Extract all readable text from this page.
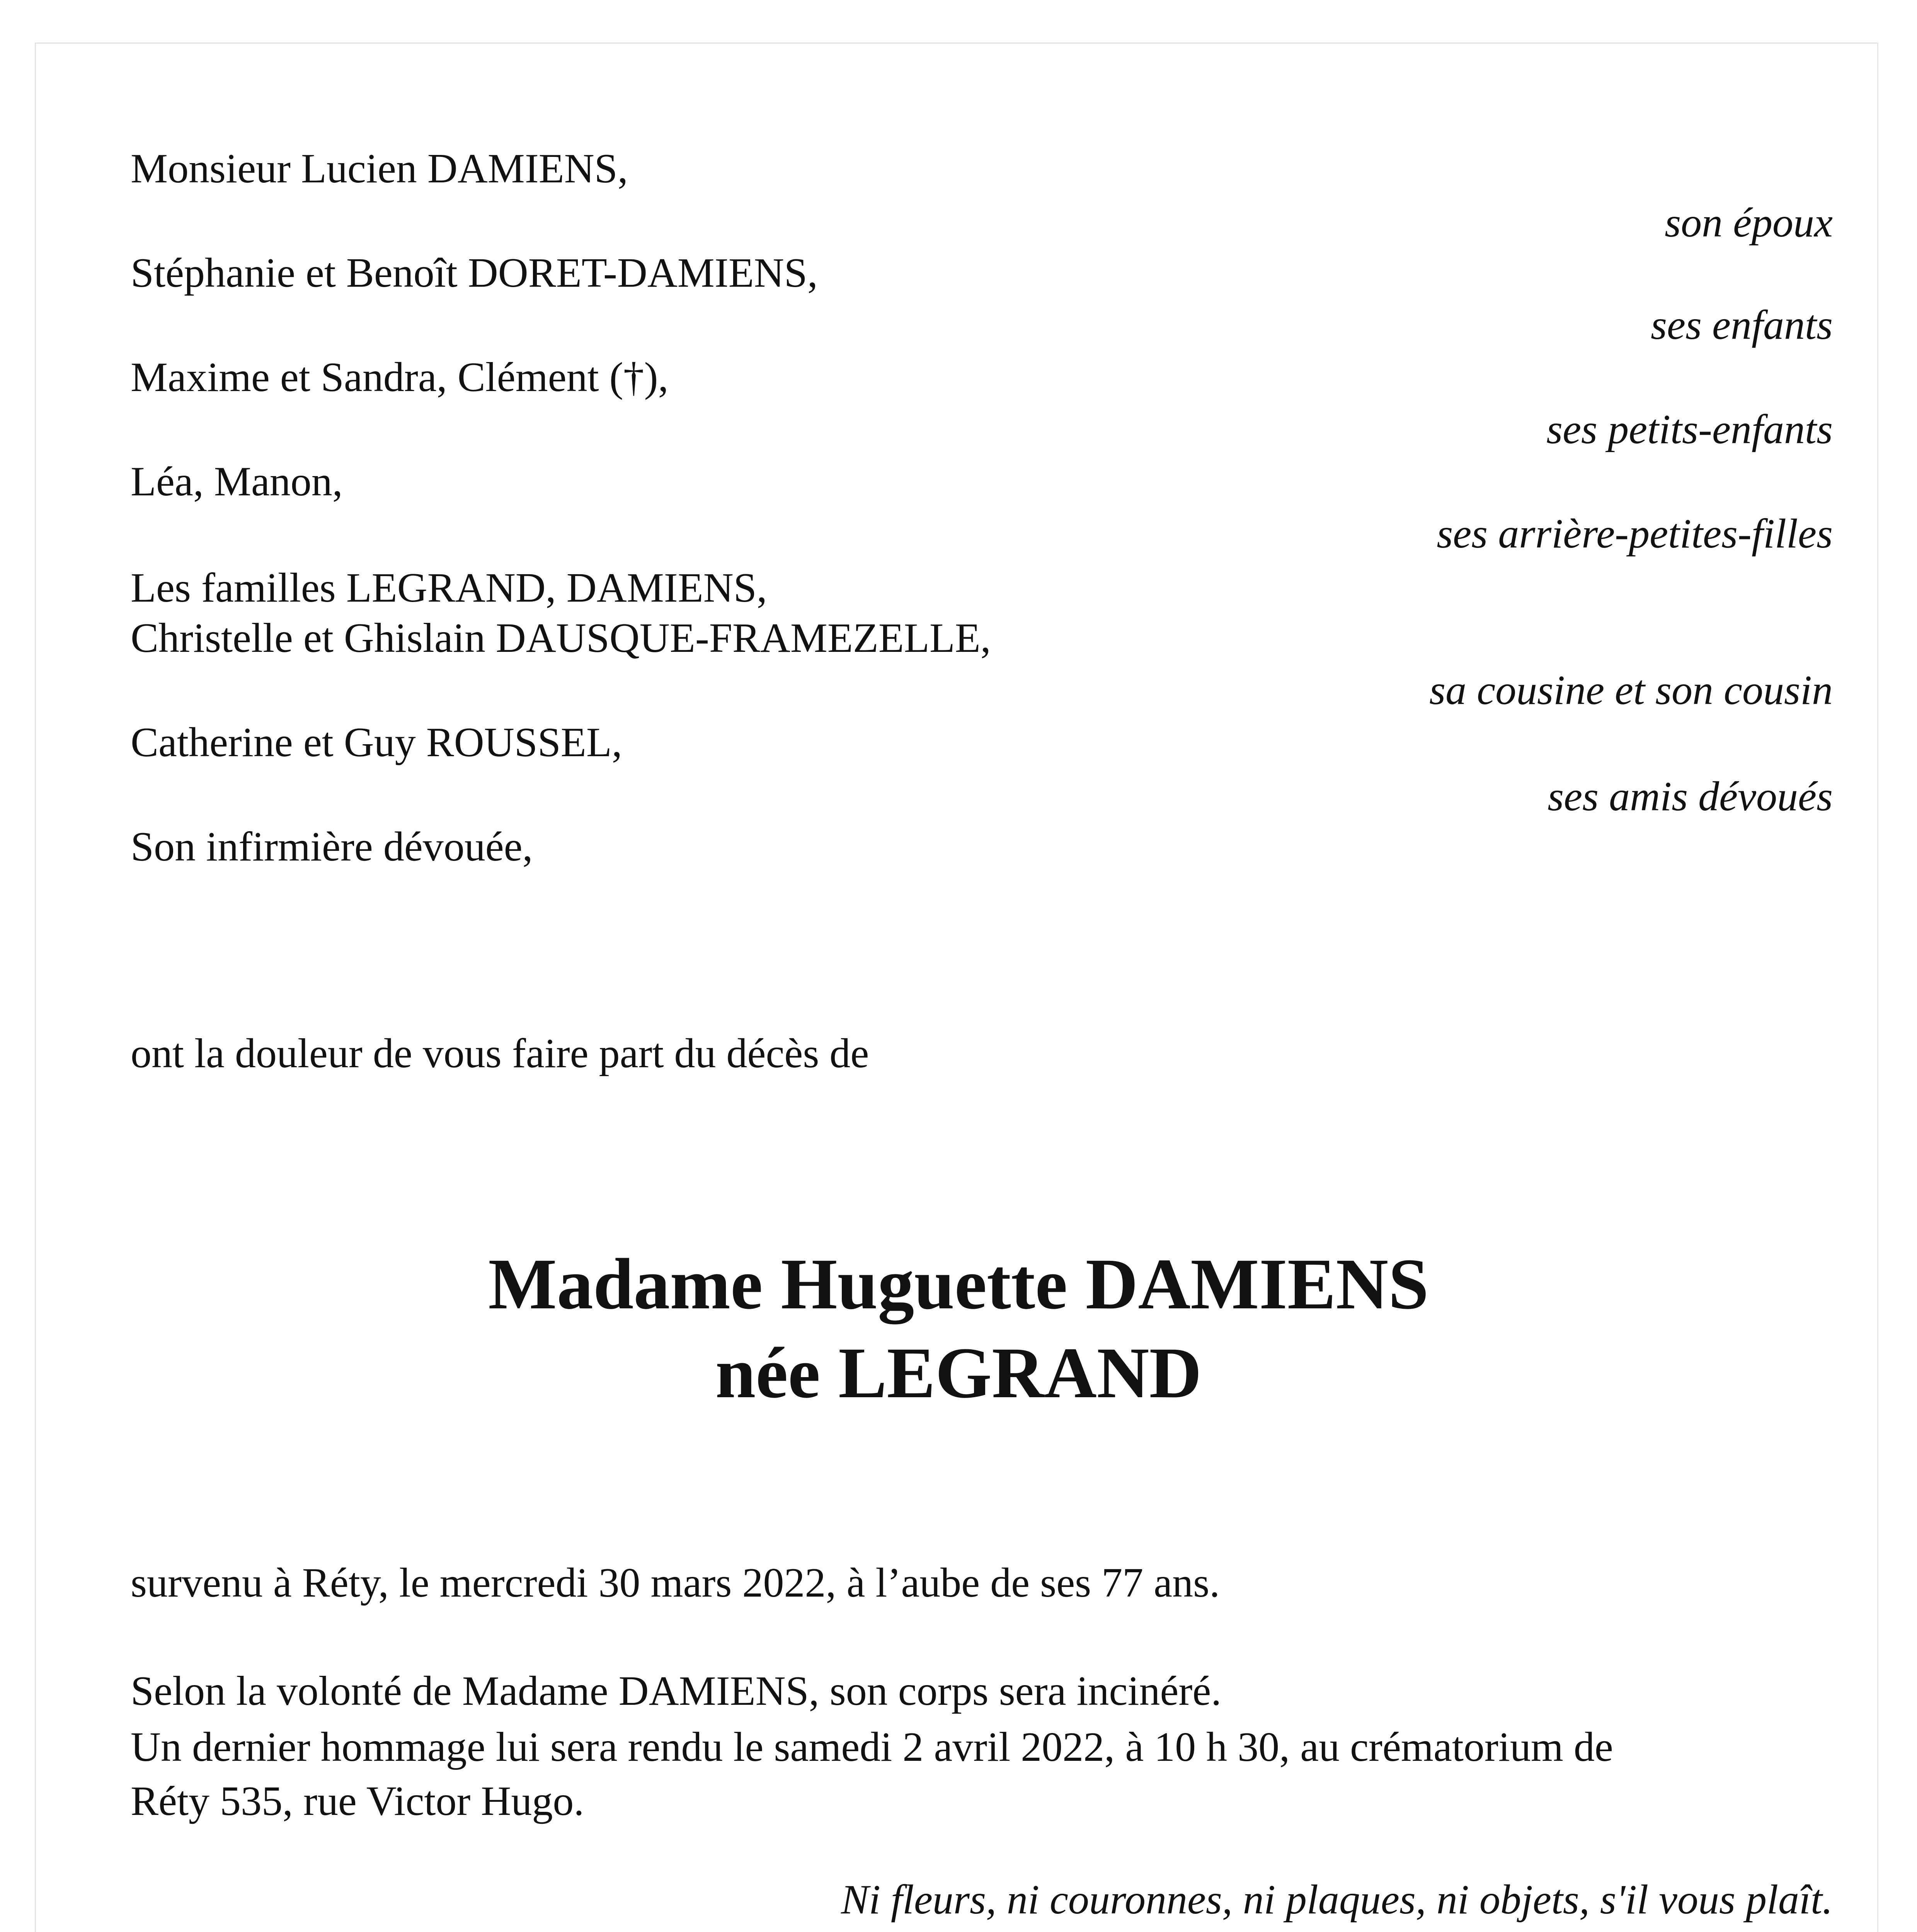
Monsieur Lucien DAMIENS,
son époux
Stéphanie et Benoît DORET-DAMIENS,
ses enfants
Maxime et Sandra, Clément (†),
ses petits-enfants
Léa, Manon,
ses arrière-petites-filles
Les familles LEGRAND, DAMIENS,
Christelle et Ghislain DAUSQUE-FRAMEZELLE,
sa cousine et son cousin
Catherine et Guy ROUSSEL,
ses amis dévoués
Son infirmière dévouée,
ont la douleur de vous faire part du décès de
Madame Huguette DAMIENS
née LEGRAND
survenu à Réty, le mercredi 30 mars 2022, à l’aube de ses 77 ans.
Selon la volonté de Madame DAMIENS, son corps sera incinéré.
Un dernier hommage lui sera rendu le samedi 2 avril 2022, à 10 h 30, au crématorium de
Réty 535, rue Victor Hugo.
Ni fleurs, ni couronnes, ni plaques, ni objets, s'il vous plaît.
